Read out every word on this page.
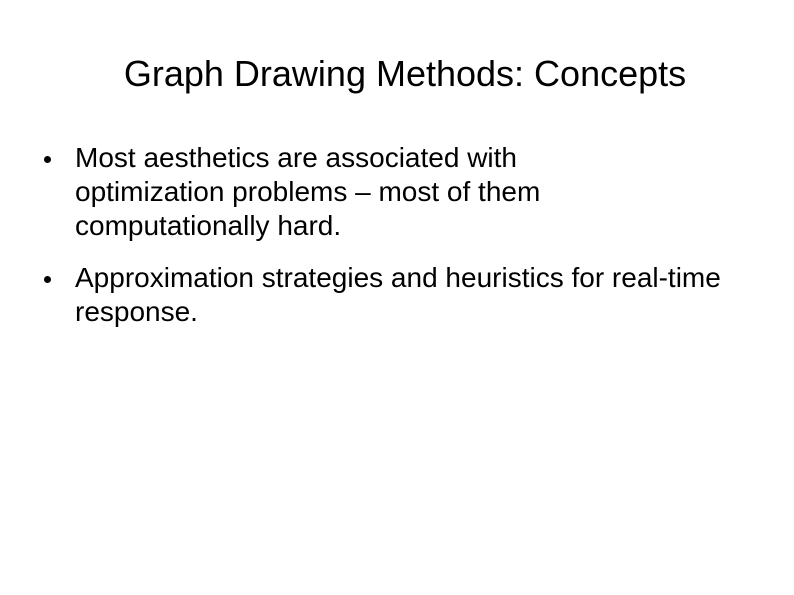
Graph Drawing Methods: Concepts

Most aesthetics are associated with optimization problems – most of them computationally hard.

Approximation strategies and heuristics for real-time response.
